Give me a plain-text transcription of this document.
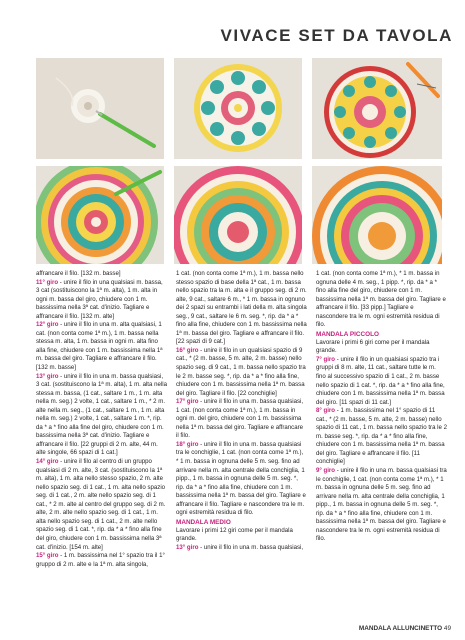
VIVACE SET DA TAVOLA

affrancare il filo. [132 m. basse]

11° giro - unire il filo in una qualsiasi m. bassa, 3 cat (sostituiscono la 1ª m. alta), 1 m. alta in ogni m. bassa del giro, chiudere con 1 m. bassissima nella 3ª cat. d'inizio. Tagliare e affrancare il filo. [132 m. alte]

12° giro - unire il filo in una m. alta qualsiasi, 1 cat. (non conta come 1ª m.), 1 m. bassa nella stessa m. alta, 1 m. bassa in ogni m. alta fino alla fine, chiudere con 1 m. bassissima nella 1ª m. bassa del giro. Tagliare e affrancare il filo. [132 m. basse]

13° giro - unire il filo in una m. bassa qualsiasi, 3 cat. (sostituiscono la 1ª m. alta), 1 m. alta nella stessa m. bassa, (1 cat., saltare 1 m., 1 m. alta nella m. seg.) 2 volte, 1 cat., saltare 1 m., * 2 m. alte nella m. seg., (1 cat., saltare 1 m., 1 m. alta nella m. seg.) 2 volte, 1 cat., saltare 1 m. *, rip. da * a * fino alla fine del giro, chiudere con 1 m. bassissima nella 3ª cat. d'inizio. Tagliare e affrancare il filo. [22 gruppi di 2 m. alte, 44 m. alte singole, 66 spazi di 1 cat.]

14° giro - unire il filo al centro di un gruppo qualsiasi di 2 m. alte, 3 cat. (sostituiscono la 1ª m. alta), 1 m. alta nello stesso spazio, 2 m. alte nello spazio seg. di 1 cat., 1 m. alta nello spazio seg. di 1 cat., 2 m. alte nello spazio seg. di 1 cat., * 2 m. alte al centro del gruppo seg. di 2 m. alte, 2 m. alte nello spazio seg. di 1 cat., 1 m. alta nello spazio seg. di 1 cat., 2 m. alte nello spazio seg. di 1 cat. *, rip. da * a * fino alla fine del giro, chiudere con 1 m. bassissima nella 3ª cat. d'inizio. [154 m. alte]

15° giro - 1 m. bassissima nel 1° spazio tra il 1° gruppo di 2 m. alte e la 1ª m. alta singola,

1 cat. (non conta come 1ª m.), 1 m. bassa nello stesso spazio di base della 1ª cat., 1 m. bassa nello spazio tra la m. alta e il gruppo seg. di 2 m. alte, 9 cat., saltare 6 m., * 1 m. bassa in ognuno dei 2 spazi su entrambi i lati della m. alta singola seg., 9 cat., saltare le 6 m. seg. *, rip. da * a * fino alla fine, chiudere con 1 m. bassissima nella 1ª m. bassa del giro. Tagliare e affrancare il filo. [22 spazi di 9 cat.]

16° giro - unire il filo in un qualsiasi spazio di 9 cat., * (2 m. basse, 5 m. alte, 2 m. basse) nello spazio seg. di 9 cat., 1 m. bassa nello spazio tra le 2 m. basse seg. *, rip. da * a * fino alla fine, chiudere con 1 m. bassissima nella 1ª m. bassa del giro. Tagliare il filo. [22 conchiglie]

17° giro - unire il filo in una m. bassa qualsiasi, 1 cat. (non conta come 1ª m.), 1 m. bassa in ogni m. del giro, chiudere con 1 m. bassissima nella 1ª m. bassa del giro. Tagliare e affrancare il filo.

18° giro - unire il filo in una m. bassa qualsiasi tra le conchiglie, 1 cat. (non conta come 1ª m.), * 1 m. bassa in ognuna delle 5 m. seg. fino ad arrivare nella m. alta centrale della conchiglia, 1 pipp., 1 m. bassa in ognuna delle 5 m. seg. *, rip. da * a * fino alla fine, chiudere con 1 m. bassissima nella 1ª m. bassa del giro. Tagliare e affrancare il filo. Tagliare e nascondere tra le m. ogni estremità residua di filo.

MANDALA MEDIO

Lavorare i primi 12 giri come per il mandala grande.

13° giro - unire il filo in una m. bassa qualsiasi,

1 cat. (non conta come 1ª m.), * 1 m. bassa in ognuna delle 4 m. seg., 1 pipp. *, rip. da * a * fino alla fine del giro, chiudere con 1 m. bassissima nella 1ª m. bassa del giro. Tagliare e affrancare il filo. [33 pipp.] Tagliare e nascondere tra le m. ogni estremità residua di filo.

MANDALA PICCOLO

Lavorare i primi 6 giri come per il mandala grande.

7° giro - unire il filo in un qualsiasi spazio tra i gruppi di 8 m. alte, 11 cat., saltare tutte le m. fino al successivo spazio di 1 cat., 2 m. basse nello spazio di 1 cat. *, rip. da * a * fino alla fine, chiudere con 1 m. bassissima nella 1ª m. bassa del giro. [11 spazi di 11 cat.]

8° giro - 1 m. bassissima nel 1° spazio di 11 cat., * (2 m. basse, 5 m. alte, 2 m. basse) nello spazio di 11 cat., 1 m. bassa nello spazio tra le 2 m. basse seg. *, rip. da * a * fino alla fine, chiudere con 1 m. bassissima nella 1ª m. bassa del giro. Tagliare e affrancare il filo. [11 conchiglie]

9° giro - unire il filo in una m. bassa qualsiasi tra le conchiglie, 1 cat. (non conta come 1ª m.), * 1 m. bassa in ognuna delle 5 m. seg. fino ad arrivare nella m. alta centrale della conchiglia, 1 pipp., 1 m. bassa in ognuna delle 5 m. seg. *, rip. da * a * fino alla fine, chiudere con 1 m. bassissima nella 1ª m. bassa del giro. Tagliare e nascondere tra le m. ogni estremità residua di filo.

MANDALA ALLUNCINETTO 49
